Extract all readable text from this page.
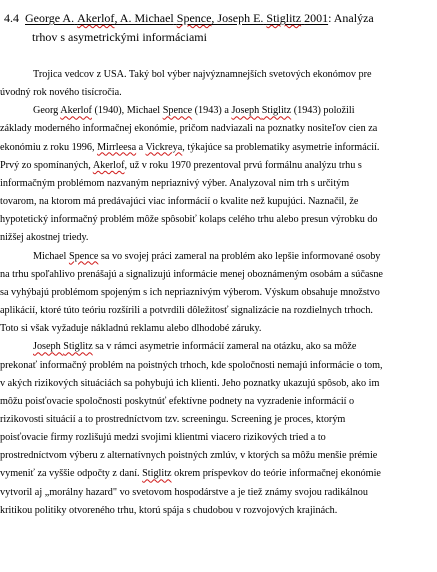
4.4 George A. Akerlof, A. Michael Spence, Joseph E. Stiglitz 2001: Analýza
trhov s asymetrickými informáciami
Trojica vedcov z USA. Taký bol výber najvýznamnejších svetových ekonómov pre
úvodný rok nového tisícročia.
Georg Akerlof (1940), Michael Spence (1943) a Joseph Stiglitz (1943) položili
základy moderného informačnej ekonómie, pričom nadviazali na poznatky nositeľov cien za
ekonómiu z roku 1996, Mirrleesa a Vickreya, týkajúce sa problematiky asymetrie informácií.
Prvý zo spomínaných, Akerlof, už v roku 1970 prezentoval prvú formálnu analýzu trhu s
informačným problémom nazvaným nepriaznivý výber. Analyzoval nim trh s určitým
tovarom, na ktorom má predávajúci viac informácií o kvalite než kupujúci. Naznačil, že
hypotetický informačný problém môže spôsobiť kolaps celého trhu alebo presun výrobku do
nižšej akostnej triedy.
Michael Spence sa vo svojej práci zameral na problém ako lepšie informované osoby
na trhu spoľahlivo prenášajú a signalizujú informácie menej oboznámeným osobám a súčasne
sa vyhýbajú problémom spojeným s ich nepriaznivým výberom. Výskum obsahuje množstvo
aplikácií, ktoré túto teóriu rozšírili a potvrdili dôležitosť signalizácie na rozdielnych trhoch.
Toto si však vyžaduje nákladnú reklamu alebo dlhodobé záruky.
Joseph Stiglitz sa v rámci asymetrie informácií zameral na otázku, ako sa môže
prekonať informačný problém na poistných trhoch, kde spoločnosti nemajú informácie o tom,
v akých rizikových situáciách sa pohybujú ich klienti. Jeho poznatky ukazujú spôsob, ako im
môžu poisťovacie spoločnosti poskytnúť efektívne podnety na vyzradenie informácií o
rizikovosti situácií a to prostredníctvom tzv. screeningu. Screening je proces, ktorým
poisťovacie firmy rozlišujú medzi svojimi klientmi viacero rizikových tried a to
prostredníctvom výberu z alternatívnych poistných zmlúv, v ktorých sa môžu menšie prémie
vymeniť za vyššie odpočty z daní. Stiglitz okrem príspevkov do teórie informačnej ekonómie
vytvoril aj „morálny hazard" vo svetovom hospodárstve a je tiež známy svojou radikálnou
kritikou politiky otvoreného trhu, ktorú spája s chudobou v rozvojových krajinách.
